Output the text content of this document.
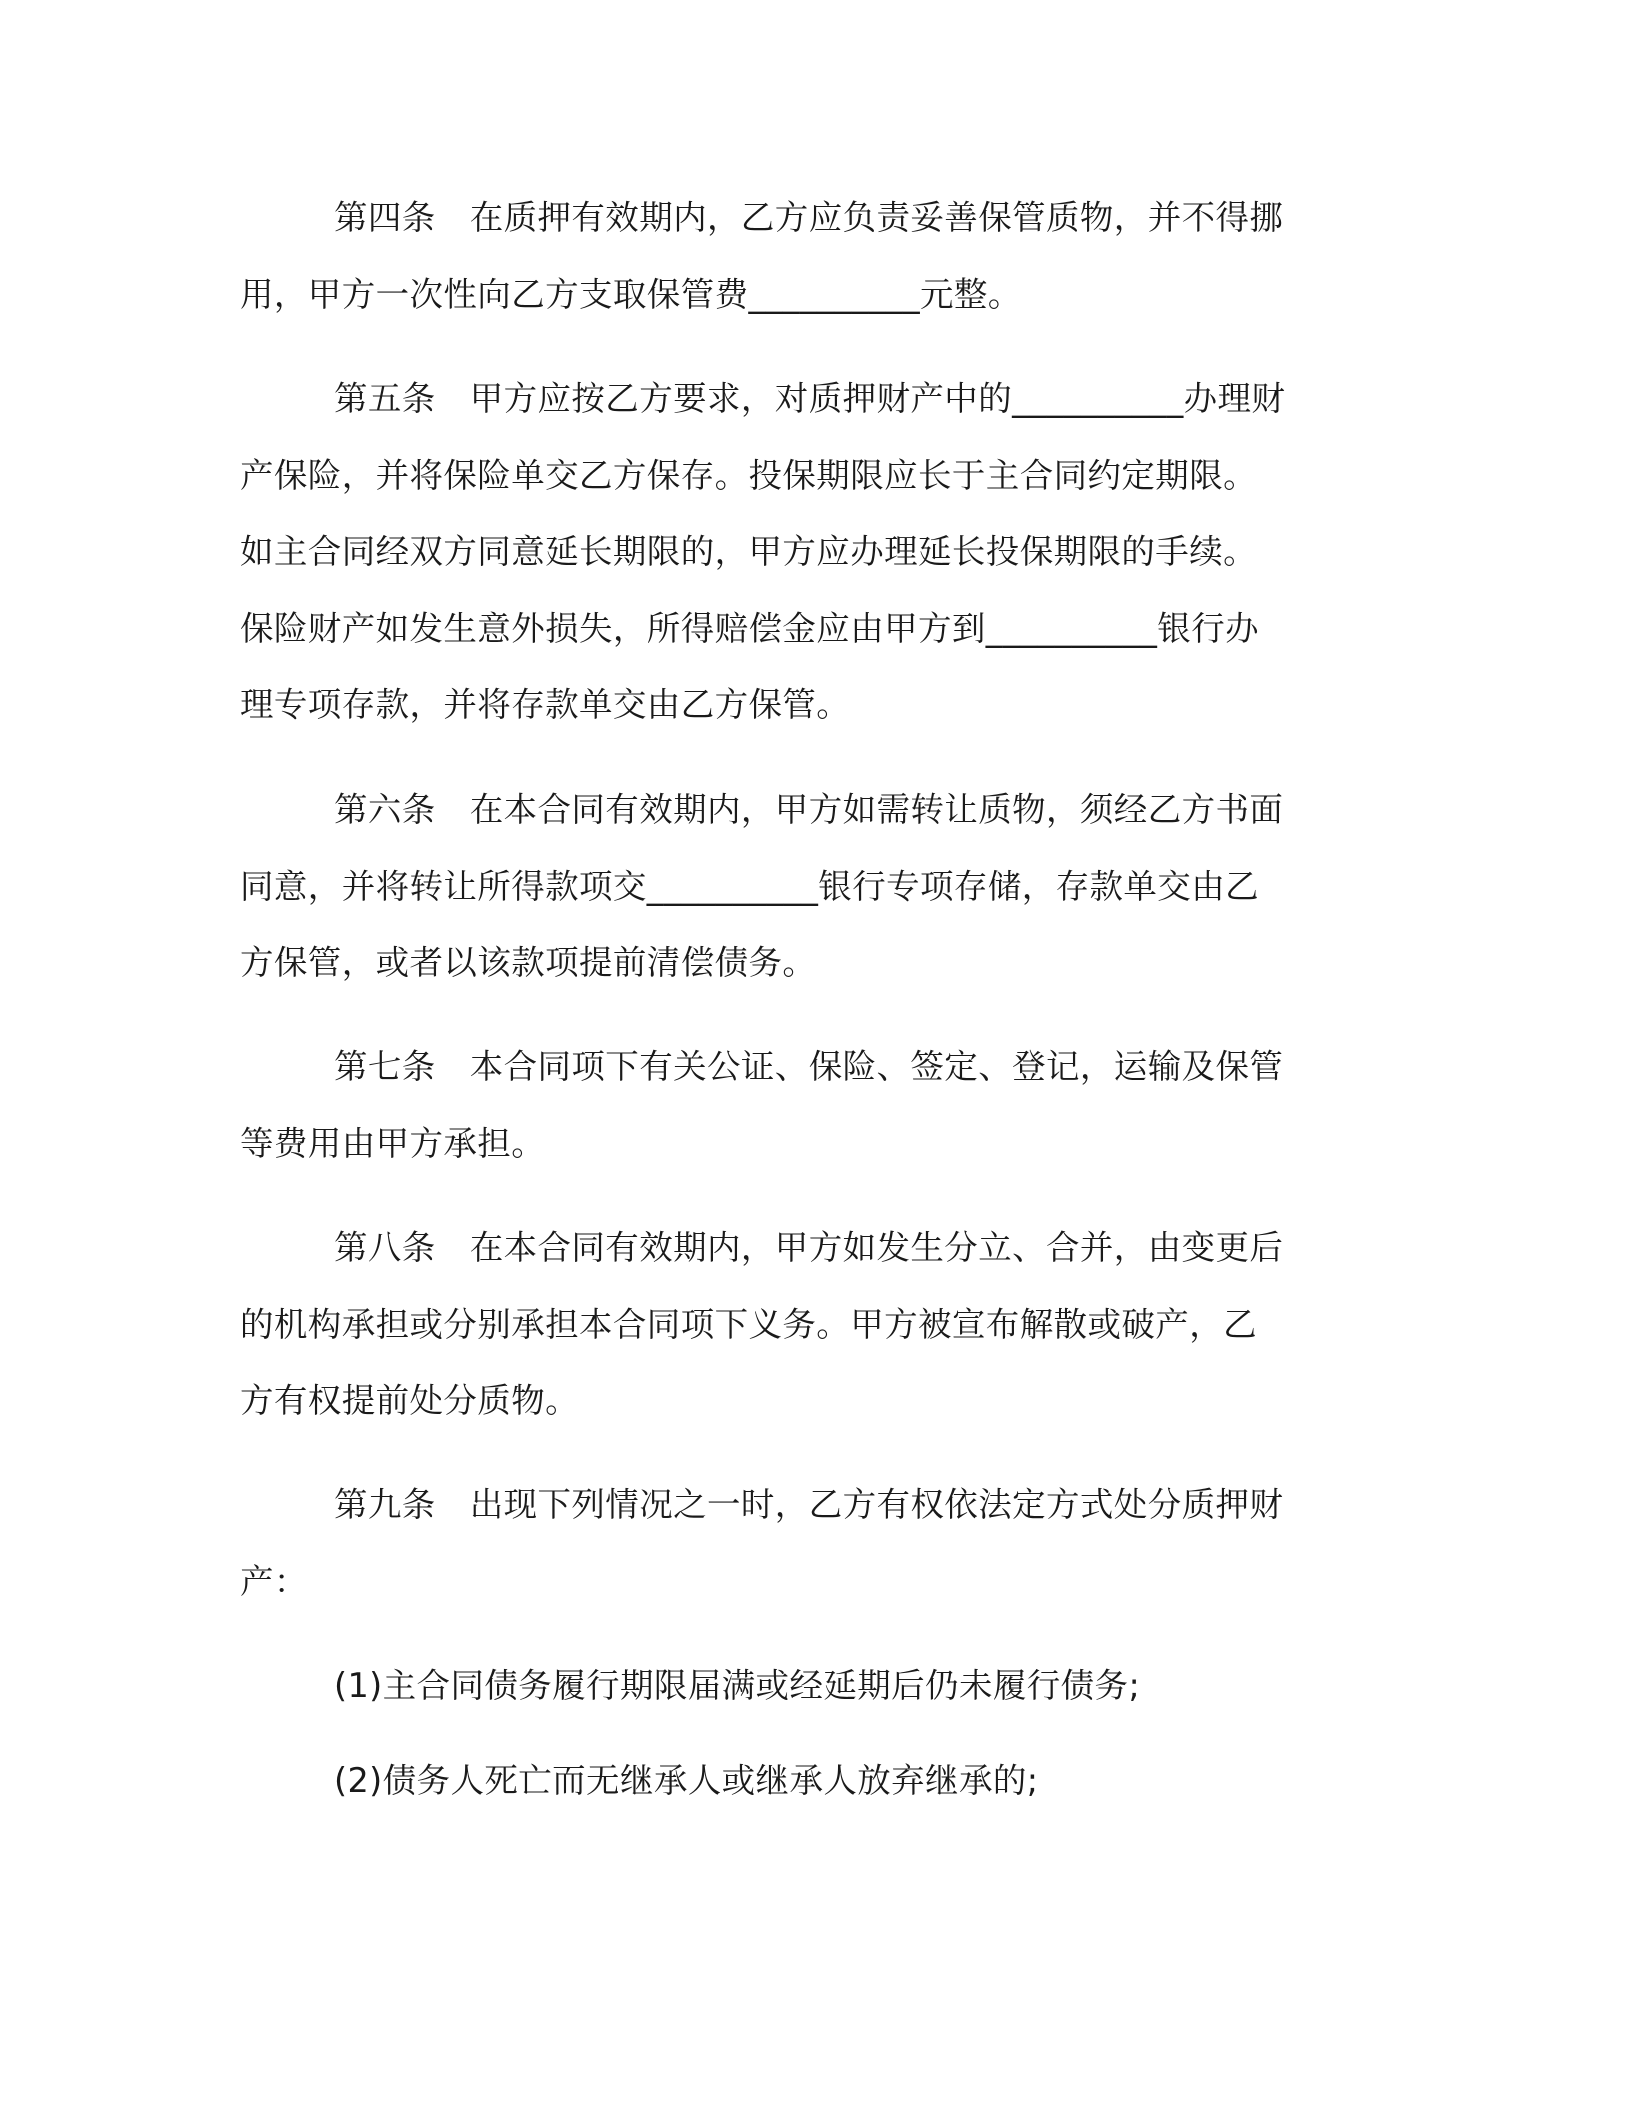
第四条 在质押有效期内，乙方应负责妥善保管质物，并不得挪
用，甲方一次性向乙方支取保管费__________元整。
第五条 甲方应按乙方要求，对质押财产中的__________办理财
产保险，并将保险单交乙方保存。投保期限应长于主合同约定期限。
如主合同经双方同意延长期限的，甲方应办理延长投保期限的手续。
保险财产如发生意外损失，所得赔偿金应由甲方到__________银行办
理专项存款，并将存款单交由乙方保管。
第六条 在本合同有效期内，甲方如需转让质物，须经乙方书面
同意，并将转让所得款项交__________银行专项存储，存款单交由乙
方保管，或者以该款项提前清偿债务。
第七条 本合同项下有关公证、保险、签定、登记，运输及保管
等费用由甲方承担。
第八条 在本合同有效期内，甲方如发生分立、合并，由变更后
的机构承担或分别承担本合同项下义务。甲方被宣布解散或破产，乙
方有权提前处分质物。
第九条 出现下列情况之一时，乙方有权依法定方式处分质押财
产：
(1)主合同债务履行期限届满或经延期后仍未履行债务;
(2)债务人死亡而无继承人或继承人放弃继承的;
